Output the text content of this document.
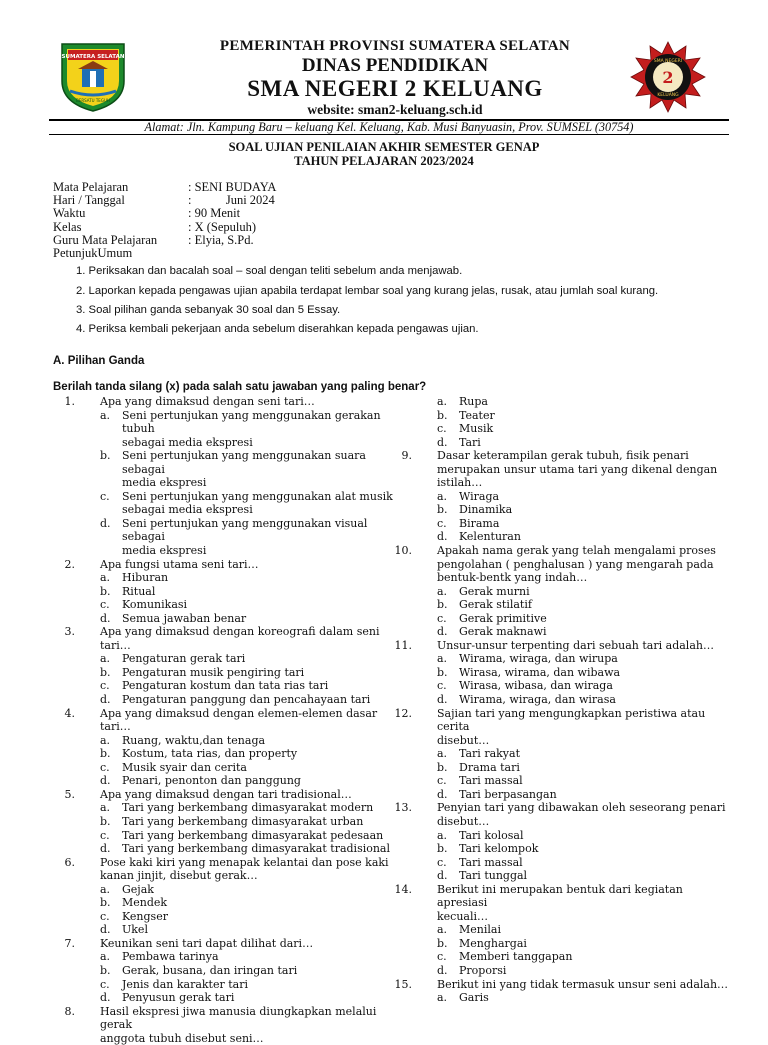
SUMATERA SELATAN
BERSATU TEGUH
SMA NEGERI
2
KELUANG
PEMERINTAH PROVINSI SUMATERA SELATAN
DINAS PENDIDIKAN
SMA NEGERI 2 KELUANG
website: sman2-keluang.sch.id
Alamat: Jln. Kampung Baru – keluang Kel. Keluang, Kab. Musi Banyuasin, Prov. SUMSEL (30754)
SOAL UJIAN PENILAIAN AKHIR SEMESTER GENAP
TAHUN PELAJARAN 2023/2024
Mata Pelajaran	: SENI BUDAYA
Hari / Tanggal	:           Juni 2024
Waktu	: 90 Menit
Kelas	: X (Sepuluh)
Guru Mata Pelajaran : Elyia, S.Pd.
PetunjukUmum
1. Periksakan dan bacalah soal – soal dengan teliti sebelum anda menjawab.
2. Laporkan kepada pengawas ujian apabila terdapat lembar soal yang kurang jelas, rusak, atau jumlah soal kurang.
3. Soal pilihan ganda sebanyak 30 soal dan 5 Essay.
4. Periksa kembali pekerjaan anda sebelum diserahkan kepada pengawas ujian.
A. Pilihan Ganda
Berilah tanda silang (x) pada salah satu jawaban yang paling benar?
1. Apa yang dimaksud dengan seni tari…
a. Seni pertunjukan yang menggunakan gerakan tubuh
sebagai media ekspresi
b. Seni pertunjukan yang menggunakan suara sebagai
media ekspresi
c. Seni pertunjukan yang menggunakan alat musik
sebagai media ekspresi
d. Seni pertunjukan yang menggunakan visual sebagai
media ekspresi
2. Apa fungsi utama seni tari…
a. Hiburan
b. Ritual
c. Komunikasi
d. Semua jawaban benar
3. Apa yang dimaksud dengan koreografi dalam seni
tari…
a. Pengaturan gerak tari
b. Pengaturan musik pengiring tari
c. Pengaturan kostum dan tata rias tari
d. Pengaturan panggung dan pencahayaan tari
4. Apa yang dimaksud dengan elemen-elemen dasar tari…
a. Ruang, waktu,dan tenaga
b. Kostum, tata rias, dan property
c. Musik syair dan cerita
d. Penari, penonton dan panggung
5. Apa yang dimaksud dengan tari tradisional…
a. Tari yang berkembang dimasyarakat modern
b. Tari yang berkembang dimasyarakat urban
c. Tari yang berkembang dimasyarakat pedesaan
d. Tari yang berkembang dimasyarakat tradisional
6. Pose kaki kiri yang menapak kelantai dan pose kaki
kanan jinjit, disebut gerak…
a. Gejak
b. Mendek
c. Kengser
d. Ukel
7. Keunikan seni tari dapat dilihat dari…
a. Pembawa tarinya
b. Gerak, busana, dan iringan tari
c. Jenis dan karakter tari
d. Penyusun gerak tari
8. Hasil ekspresi jiwa manusia diungkapkan melalui gerak
anggota tubuh disebut seni…
a. Rupa
b. Teater
c. Musik
d. Tari
9. Dasar keterampilan gerak tubuh, fisik penari
merupakan unsur utama tari yang dikenal dengan
istilah…
a. Wiraga
b. Dinamika
c. Birama
d. Kelenturan
10. Apakah nama gerak yang telah mengalami proses
pengolahan ( penghalusan ) yang mengarah pada
bentuk-bentk yang indah…
a. Gerak murni
b. Gerak stilatif
c. Gerak primitive
d. Gerak maknawi
11. Unsur-unsur terpenting dari sebuah tari adalah…
a. Wirama, wiraga, dan wirupa
b. Wirasa, wirama, dan wibawa
c. Wirasa, wibasa, dan wiraga
d. Wirama, wiraga, dan wirasa
12. Sajian tari yang mengungkapkan peristiwa atau cerita
disebut…
a. Tari rakyat
b. Drama tari
c. Tari massal
d. Tari berpasangan
13. Penyian tari yang dibawakan oleh seseorang penari
disebut…
a. Tari kolosal
b. Tari kelompok
c. Tari massal
d. Tari tunggal
14. Berikut ini merupakan bentuk dari kegiatan apresiasi
kecuali…
a. Menilai
b. Menghargai
c. Memberi tanggapan
d. Proporsi
15. Berikut ini yang tidak termasuk unsur seni adalah…
a. Garis
